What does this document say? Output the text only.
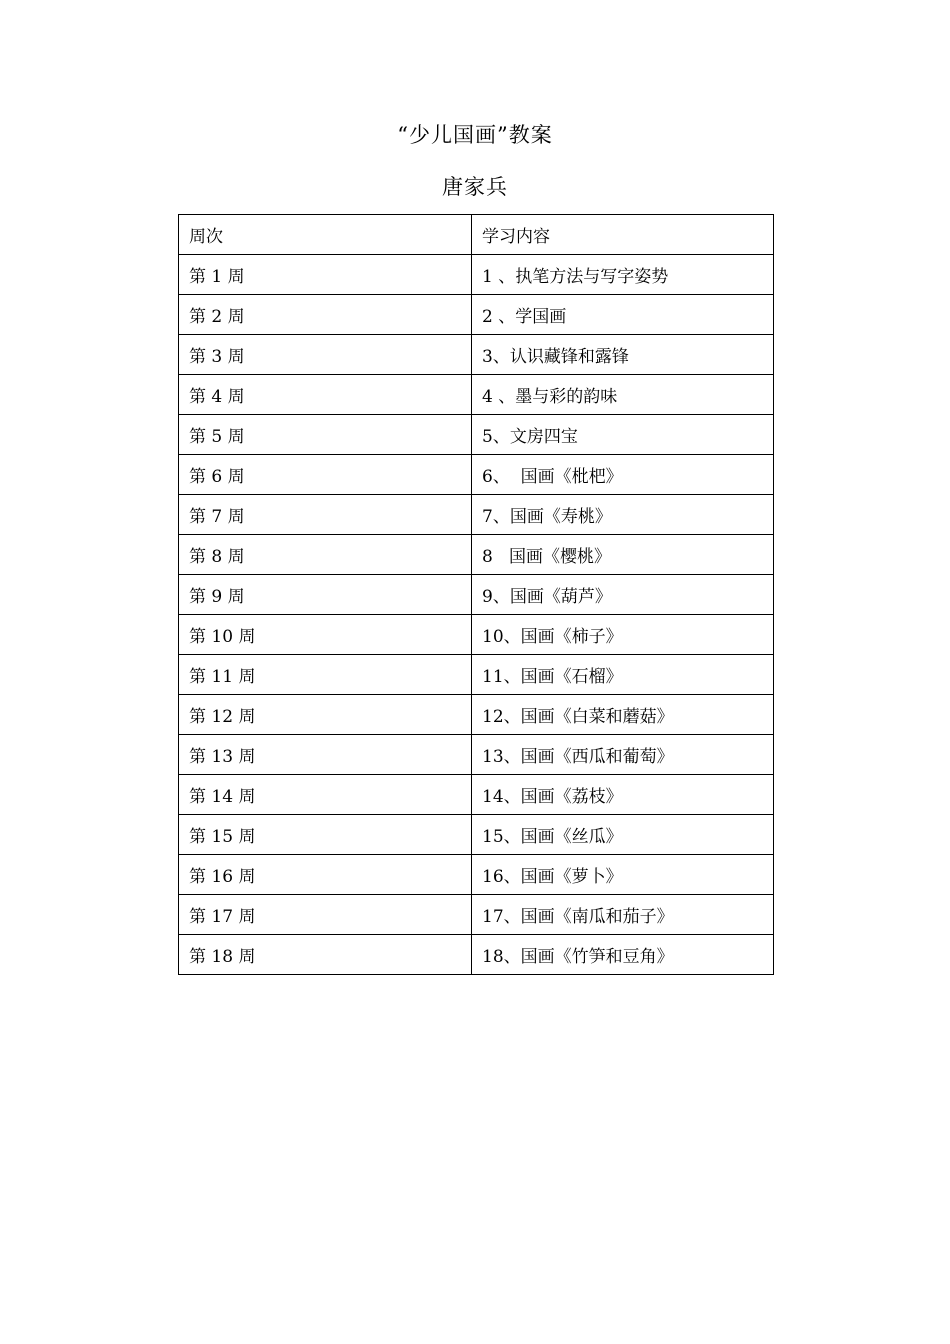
“少儿国画”教案
唐家兵
周次	学习内容
第 1 周	1 、执笔方法与写字姿势
第 2 周	2 、学国画
第 3 周	3、认识藏锋和露锋
第 4 周	4 、墨与彩的韵味
第 5 周	5、文房四宝
第 6 周	6、  国画《枇杷》
第 7 周	7、国画《寿桃》
第 8 周	8   国画《樱桃》
第 9 周	9、国画《葫芦》
第 10 周	10、国画《柿子》
第 11 周	11、国画《石榴》
第 12 周	12、国画《白菜和蘑菇》
第 13 周	13、国画《西瓜和葡萄》
第 14 周	14、国画《荔枝》
第 15 周	15、国画《丝瓜》
第 16 周	16、国画《萝卜》
第 17 周	17、国画《南瓜和茄子》
第 18 周	18、国画《竹笋和豆角》
